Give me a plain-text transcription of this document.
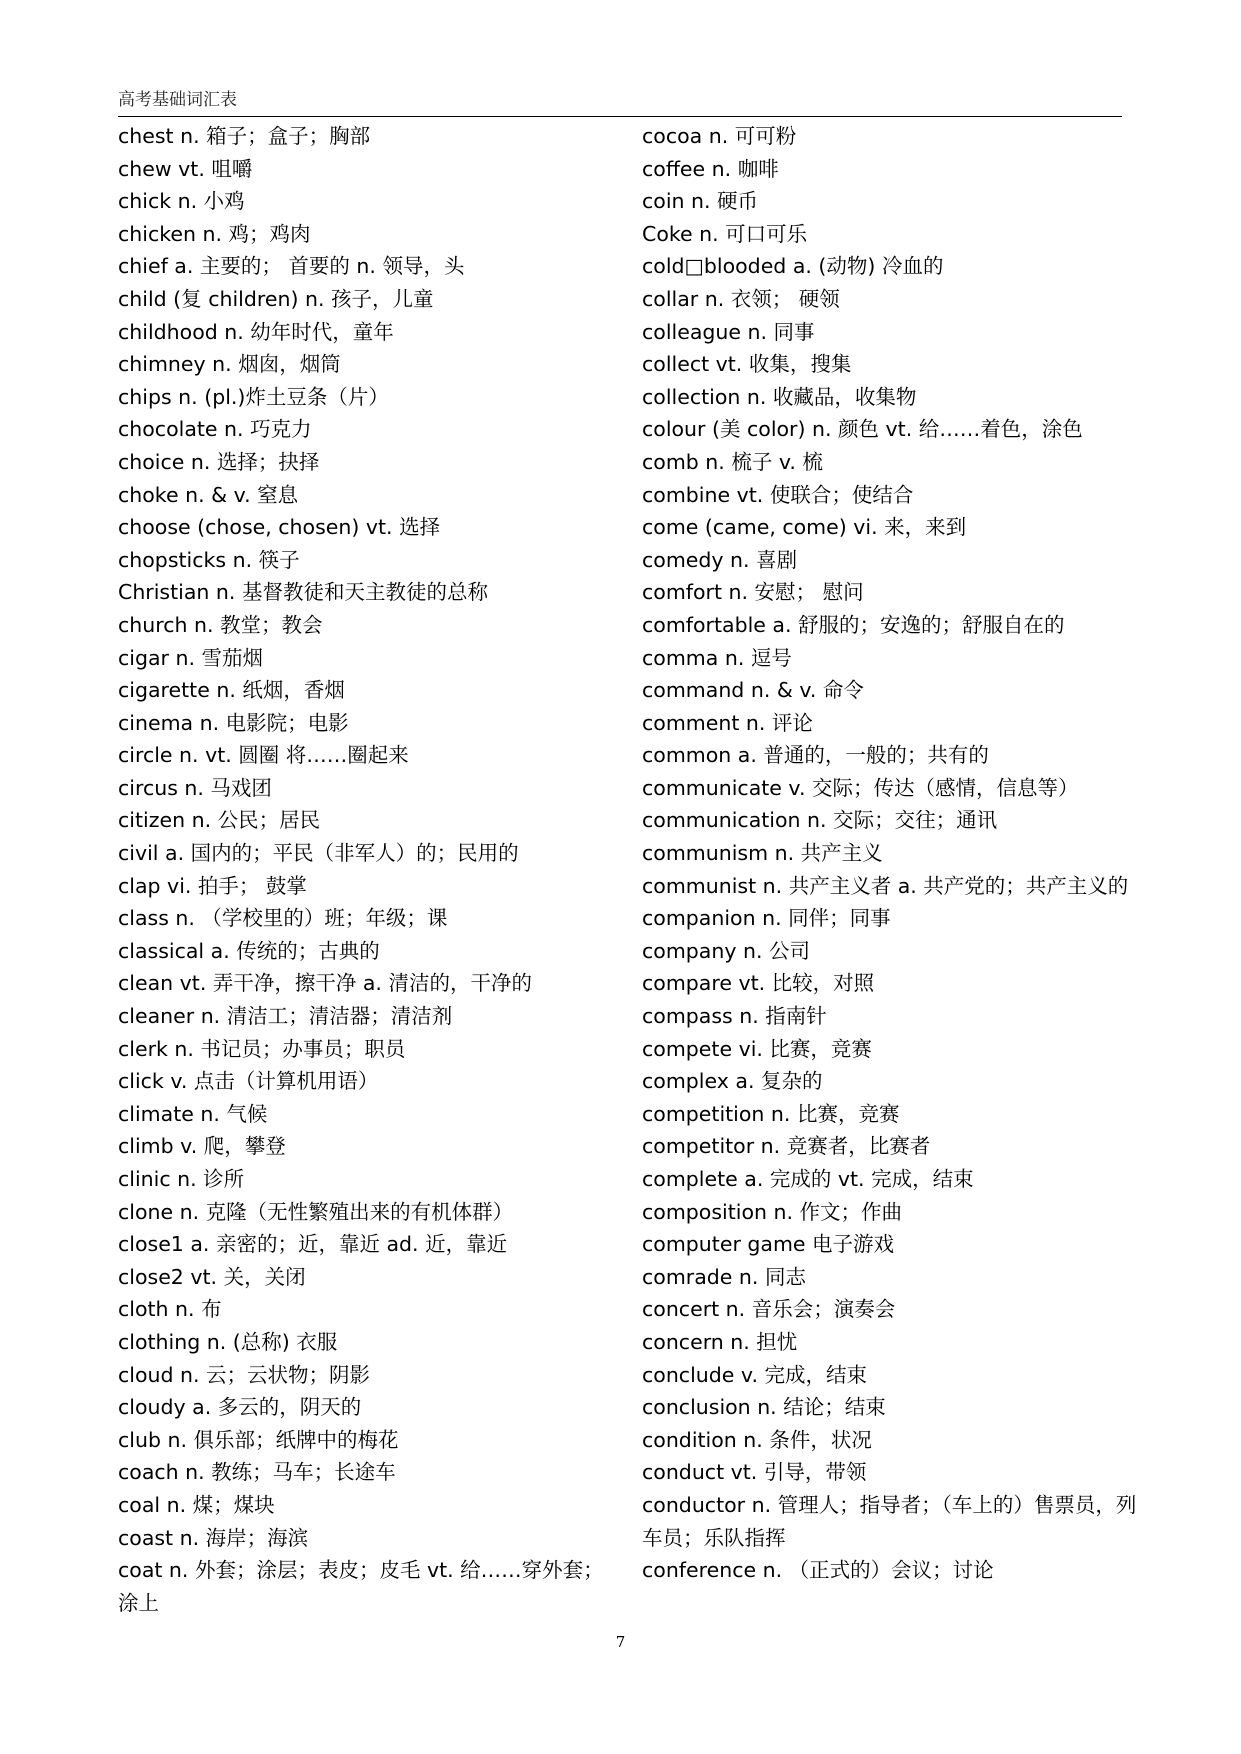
高考基础词汇表
chest n. 箱子；盒子；胸部
chew vt. 咀嚼
chick n. 小鸡
chicken n. 鸡；鸡肉
chief a. 主要的； 首要的 n. 领导，头
child (复 children) n. 孩子，儿童
childhood n. 幼年时代，童年
chimney n. 烟囱，烟筒
chips n. (pl.)炸土豆条（片）
chocolate n. 巧克力
choice n. 选择；抉择
choke n. & v. 窒息
choose (chose, chosen) vt. 选择
chopsticks n. 筷子
Christian n. 基督教徒和天主教徒的总称
church n. 教堂；教会
cigar n. 雪茄烟
cigarette n. 纸烟，香烟
cinema n. 电影院；电影
circle n. vt. 圆圈 将……圈起来
circus n. 马戏团
citizen n. 公民；居民
civil a. 国内的；平民（非军人）的；民用的
clap vi. 拍手； 鼓掌
class n. （学校里的）班；年级；课
classical a. 传统的；古典的
clean vt. 弄干净，擦干净 a. 清洁的，干净的
cleaner n. 清洁工；清洁器；清洁剂
clerk n. 书记员；办事员；职员
click v. 点击（计算机用语）
climate n. 气候
climb v. 爬，攀登
clinic n. 诊所
clone n. 克隆（无性繁殖出来的有机体群）
close1 a. 亲密的；近，靠近 ad. 近，靠近
close2 vt. 关，关闭
cloth n. 布
clothing n. (总称) 衣服
cloud n. 云；云状物；阴影
cloudy a. 多云的，阴天的
club n. 俱乐部；纸牌中的梅花
coach n. 教练；马车；长途车
coal n. 煤；煤块
coast n. 海岸；海滨
coat n. 外套；涂层；表皮；皮毛 vt. 给……穿外套；涂上
cocoa n. 可可粉
coffee n. 咖啡
coin n. 硬币
Coke n. 可口可乐
cold□blooded a. (动物) 冷血的
collar n. 衣领； 硬领
colleague n. 同事
collect vt. 收集，搜集
collection n. 收藏品，收集物
colour (美 color) n. 颜色 vt. 给……着色，涂色
comb n. 梳子 v. 梳
combine vt. 使联合；使结合
come (came, come) vi. 来，来到
comedy n. 喜剧
comfort n. 安慰； 慰问
comfortable a. 舒服的；安逸的；舒服自在的
comma n. 逗号
command n. & v. 命令
comment n. 评论
common a. 普通的，一般的；共有的
communicate v. 交际；传达（感情，信息等）
communication n. 交际；交往；通讯
communism n. 共产主义
communist n. 共产主义者 a. 共产党的；共产主义的
companion n. 同伴；同事
company n. 公司
compare vt. 比较，对照
compass n. 指南针
compete vi. 比赛，竞赛
complex a. 复杂的
competition n. 比赛，竞赛
competitor n. 竞赛者，比赛者
complete a. 完成的 vt. 完成，结束
composition n. 作文；作曲
computer game 电子游戏
comrade n. 同志
concert n. 音乐会；演奏会
concern n. 担忧
conclude v. 完成，结束
conclusion n. 结论；结束
condition n. 条件，状况
conduct vt. 引导，带领
conductor n. 管理人；指导者；（车上的）售票员，列车员；乐队指挥
conference n. （正式的）会议；讨论
7
